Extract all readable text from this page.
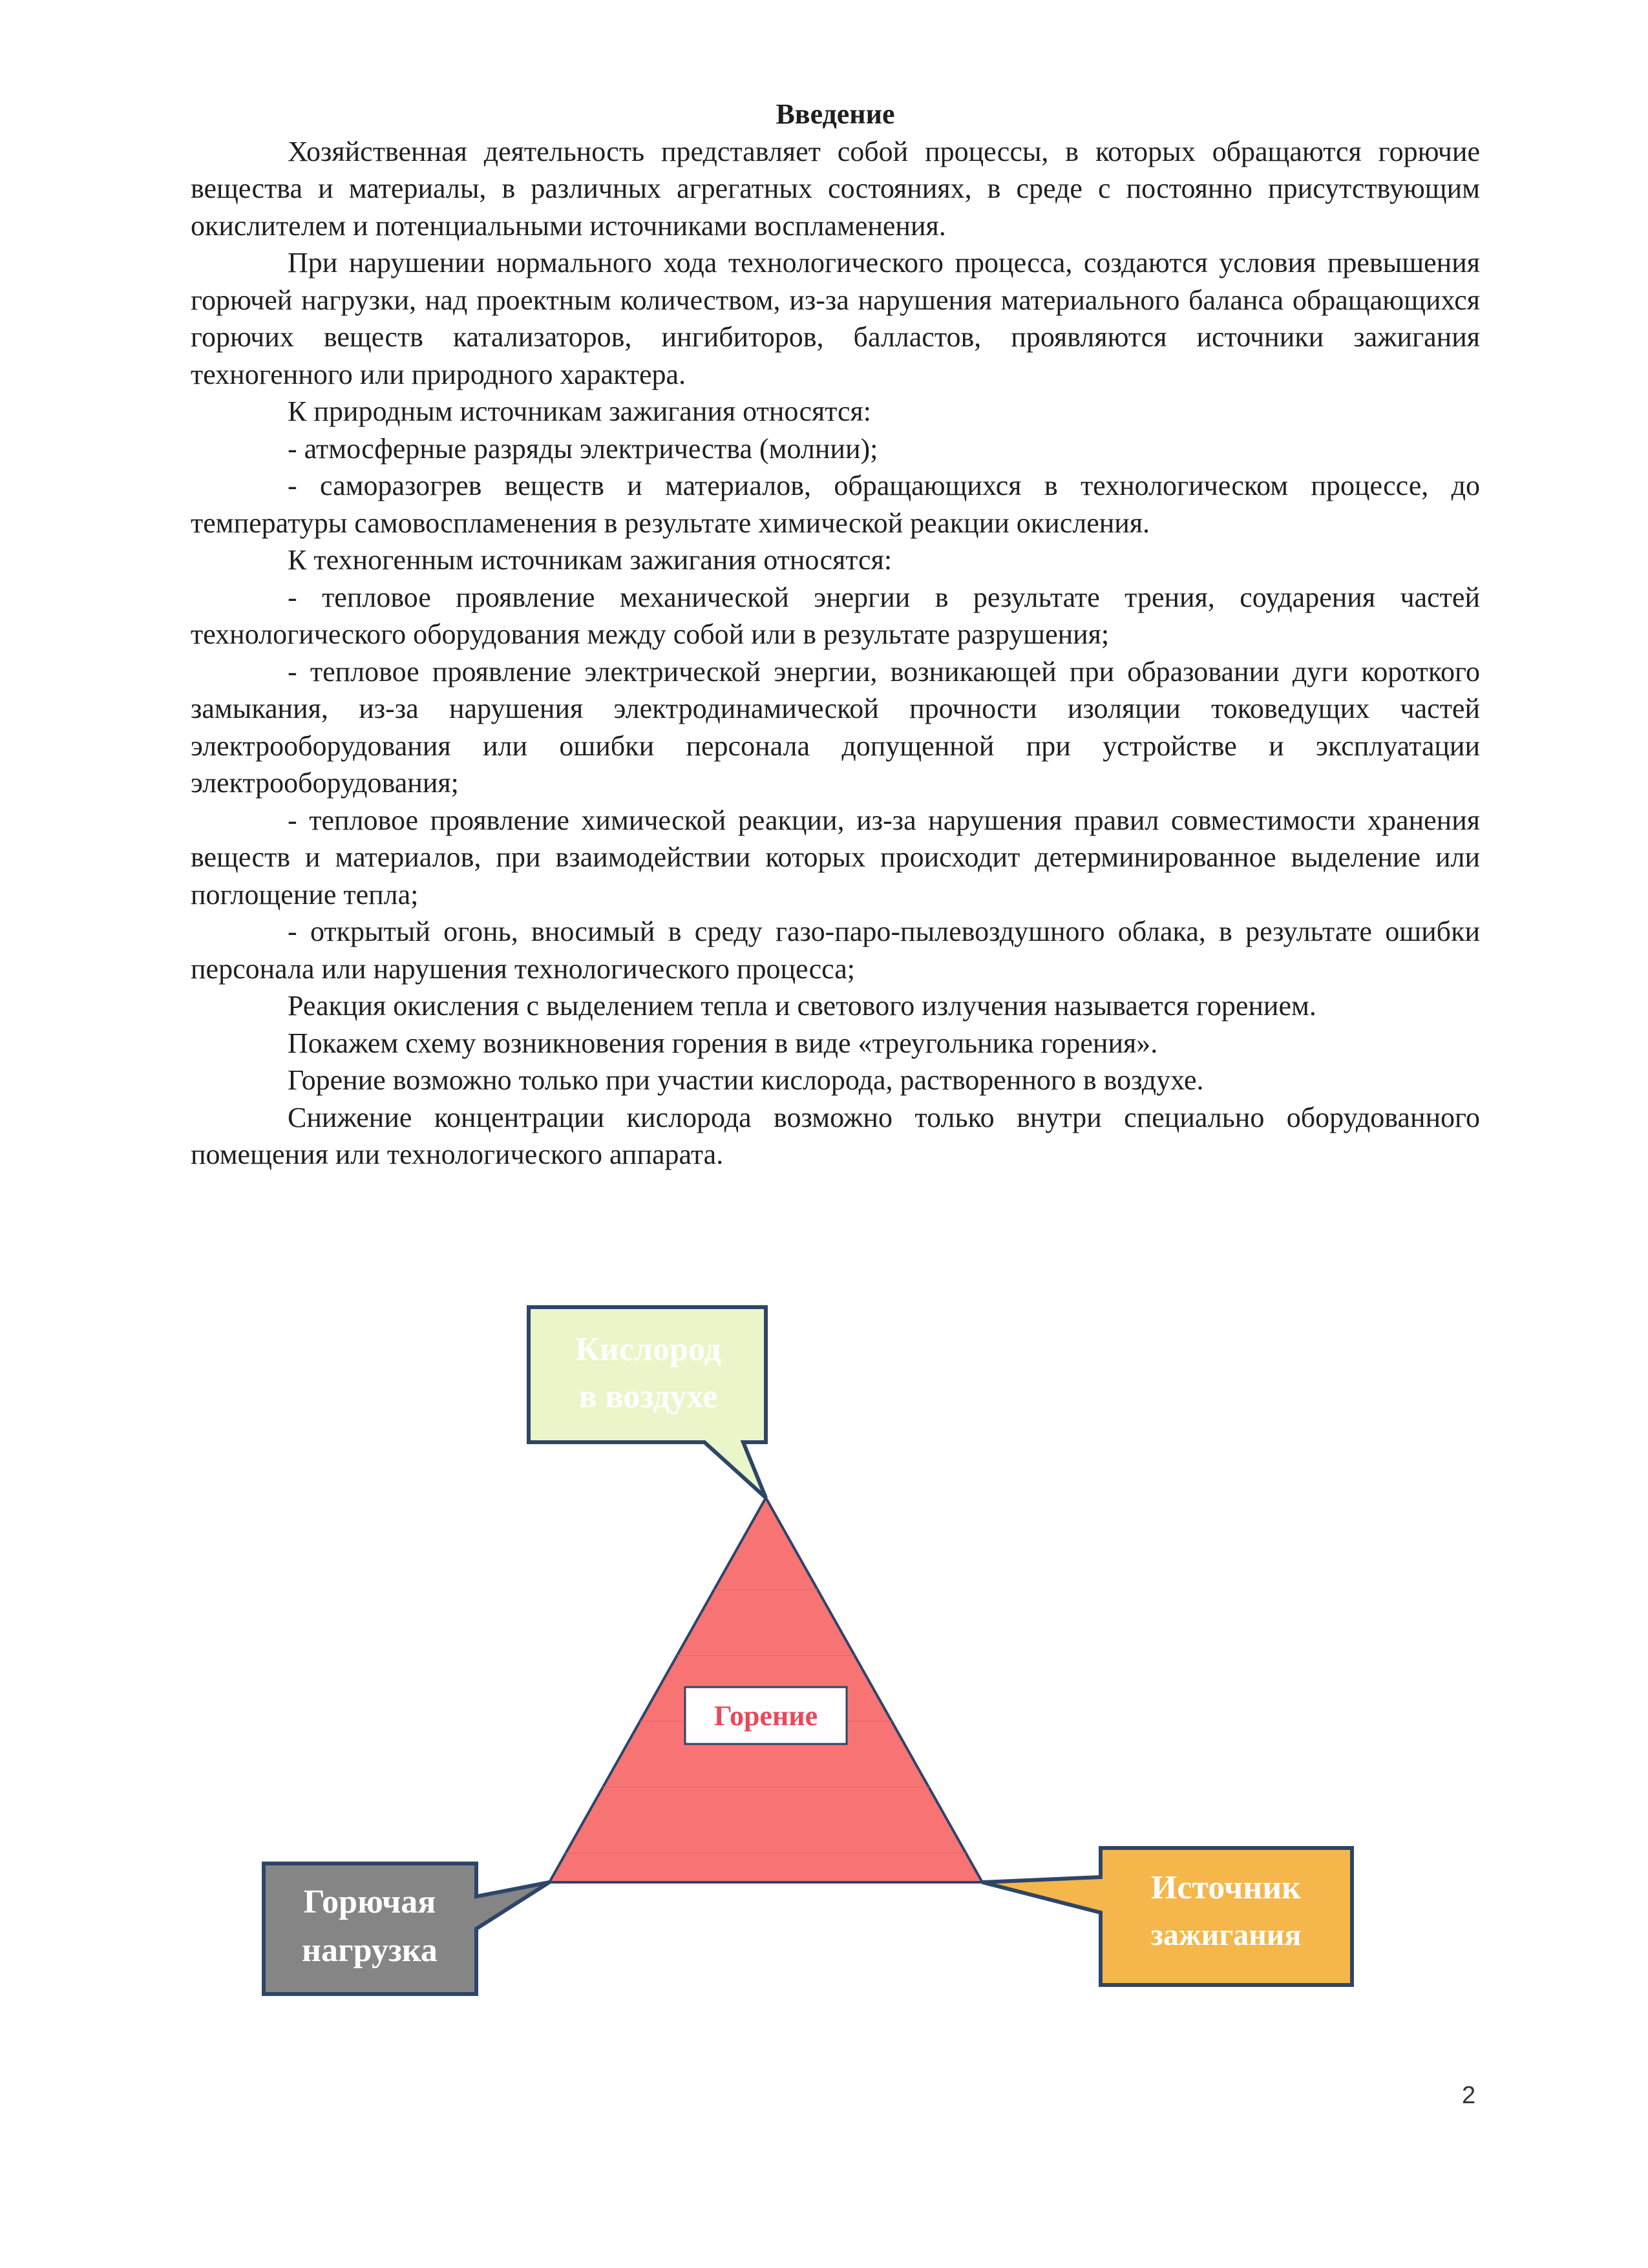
Введение

Хозяйственная деятельность представляет собой процессы, в которых обращаются горючие вещества и материалы, в различных агрегатных состояниях, в среде с постоянно присутствующим окислителем и потенциальными источниками воспламенения.

При нарушении нормального хода технологического процесса, создаются условия превышения горючей нагрузки, над проектным количеством, из-за нарушения материального баланса обращающихся горючих веществ катализаторов, ингибиторов, балластов, проявляются источники зажигания техногенного или природного характера.

К природным источникам зажигания относятся:

- атмосферные разряды электричества (молнии);

- саморазогрев веществ и материалов, обращающихся в технологическом процессе, до температуры самовоспламенения в результате химической реакции окисления.

К техногенным источникам зажигания относятся:

- тепловое проявление механической энергии в результате трения, соударения частей технологического оборудования между собой или в результате разрушения;

- тепловое проявление электрической энергии, возникающей при образовании дуги короткого замыкания, из-за нарушения электродинамической прочности изоляции токоведущих частей электрооборудования или ошибки персонала допущенной при устройстве и эксплуатации электрооборудования;

- тепловое проявление химической реакции, из-за нарушения правил совместимости хранения веществ и материалов, при взаимодействии которых происходит детерминированное выделение или поглощение тепла;

- открытый огонь, вносимый в среду газо-паро-пылевоздушного облака, в результате ошибки персонала или нарушения технологического процесса;

Реакция окисления с выделением тепла и светового излучения называется горением.

Покажем схему возникновения горения в виде «треугольника горения».

Горение возможно только при участии кислорода, растворенного в воздухе.

Снижение концентрации кислорода возможно только внутри специально оборудованного помещения или технологического аппарата.

Горение
Кислород
в воздухе
Горючая
нагрузка
Источник
зажигания
2
